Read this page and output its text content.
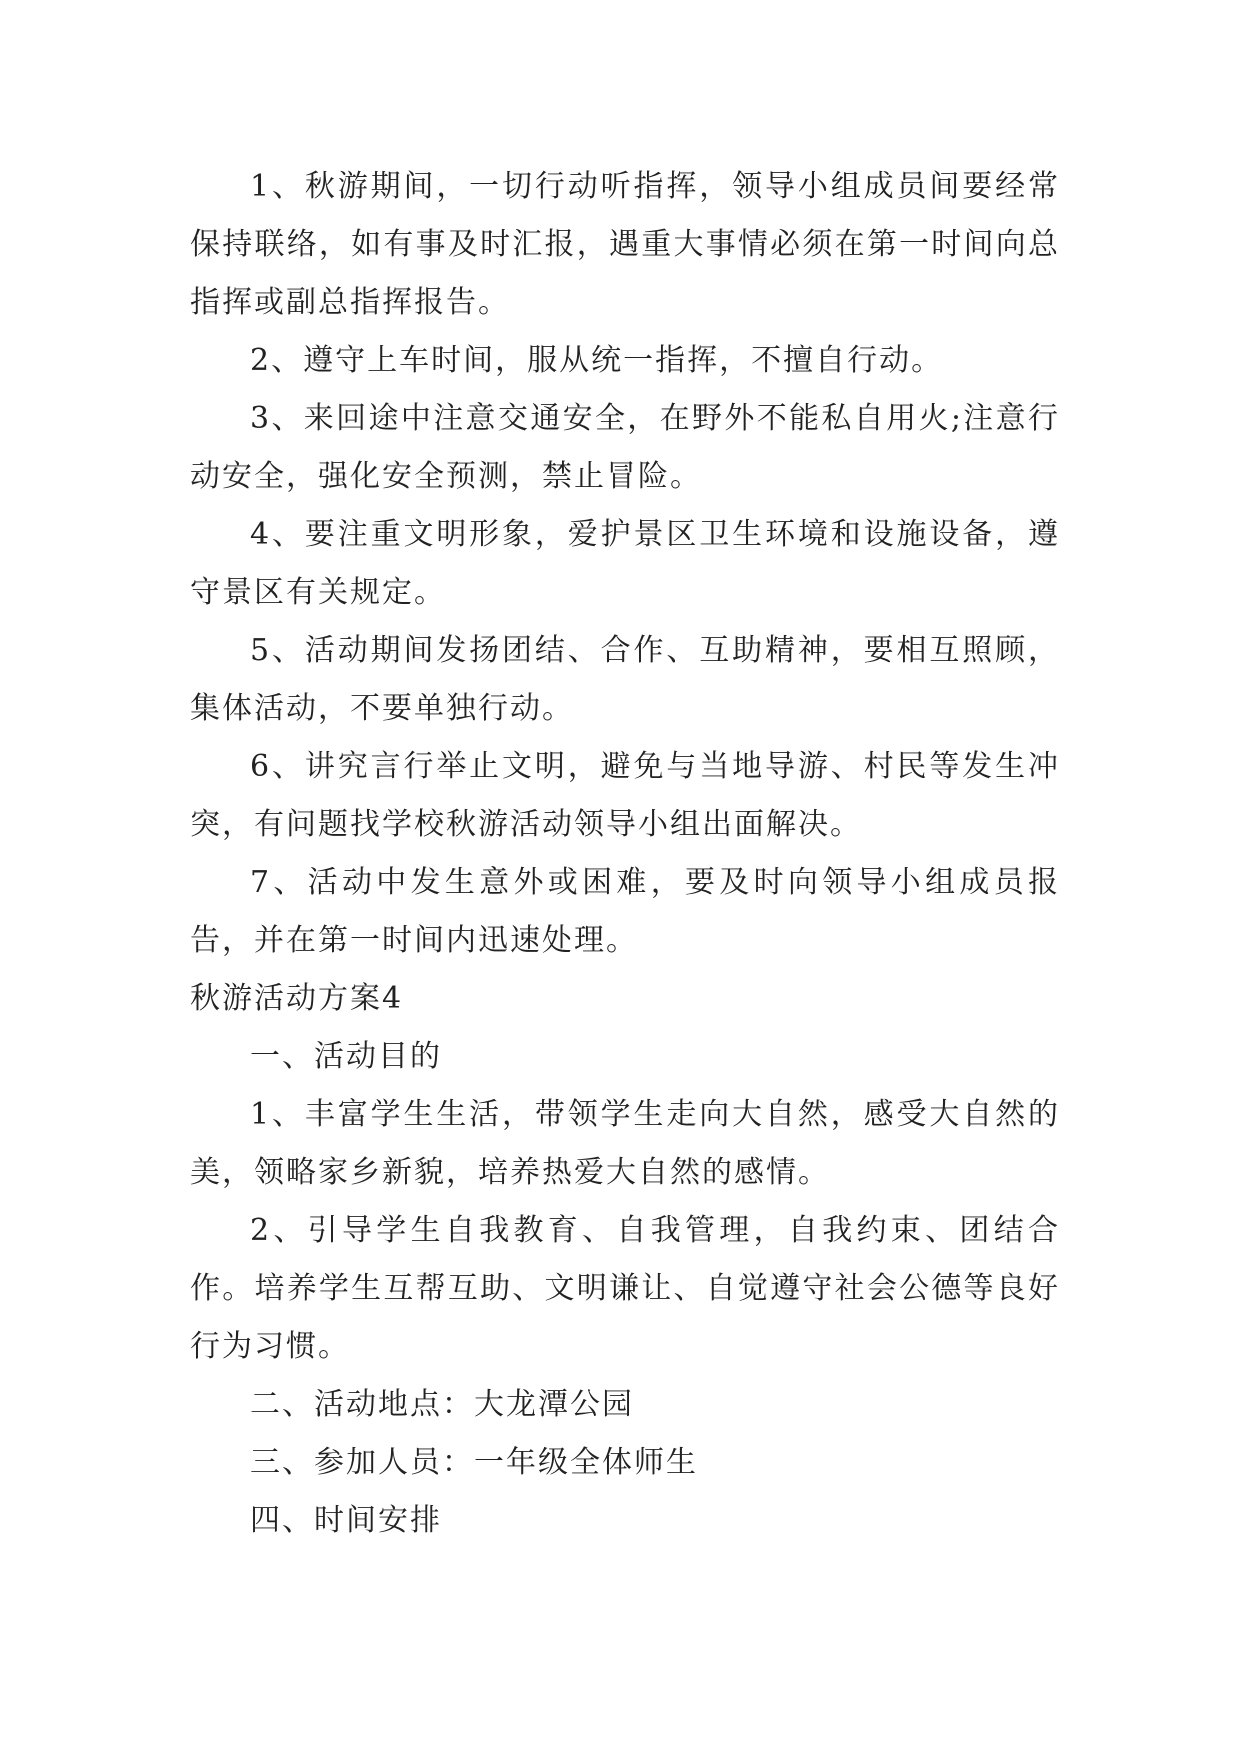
1、秋游期间，一切行动听指挥，领导小组成员间要经常保持联络，如有事及时汇报，遇重大事情必须在第一时间向总指挥或副总指挥报告。

2、遵守上车时间，服从统一指挥，不擅自行动。

3、来回途中注意交通安全，在野外不能私自用火;注意行动安全，强化安全预测，禁止冒险。

4、要注重文明形象，爱护景区卫生环境和设施设备，遵守景区有关规定。

5、活动期间发扬团结、合作、互助精神，要相互照顾，集体活动，不要单独行动。

6、讲究言行举止文明，避免与当地导游、村民等发生冲突，有问题找学校秋游活动领导小组出面解决。

7、活动中发生意外或困难，要及时向领导小组成员报告，并在第一时间内迅速处理。

秋游活动方案4

一、活动目的

1、丰富学生生活，带领学生走向大自然，感受大自然的美，领略家乡新貌，培养热爱大自然的感情。

2、引导学生自我教育、自我管理，自我约束、团结合作。培养学生互帮互助、文明谦让、自觉遵守社会公德等良好行为习惯。

二、活动地点：大龙潭公园

三、参加人员：一年级全体师生

四、时间安排
